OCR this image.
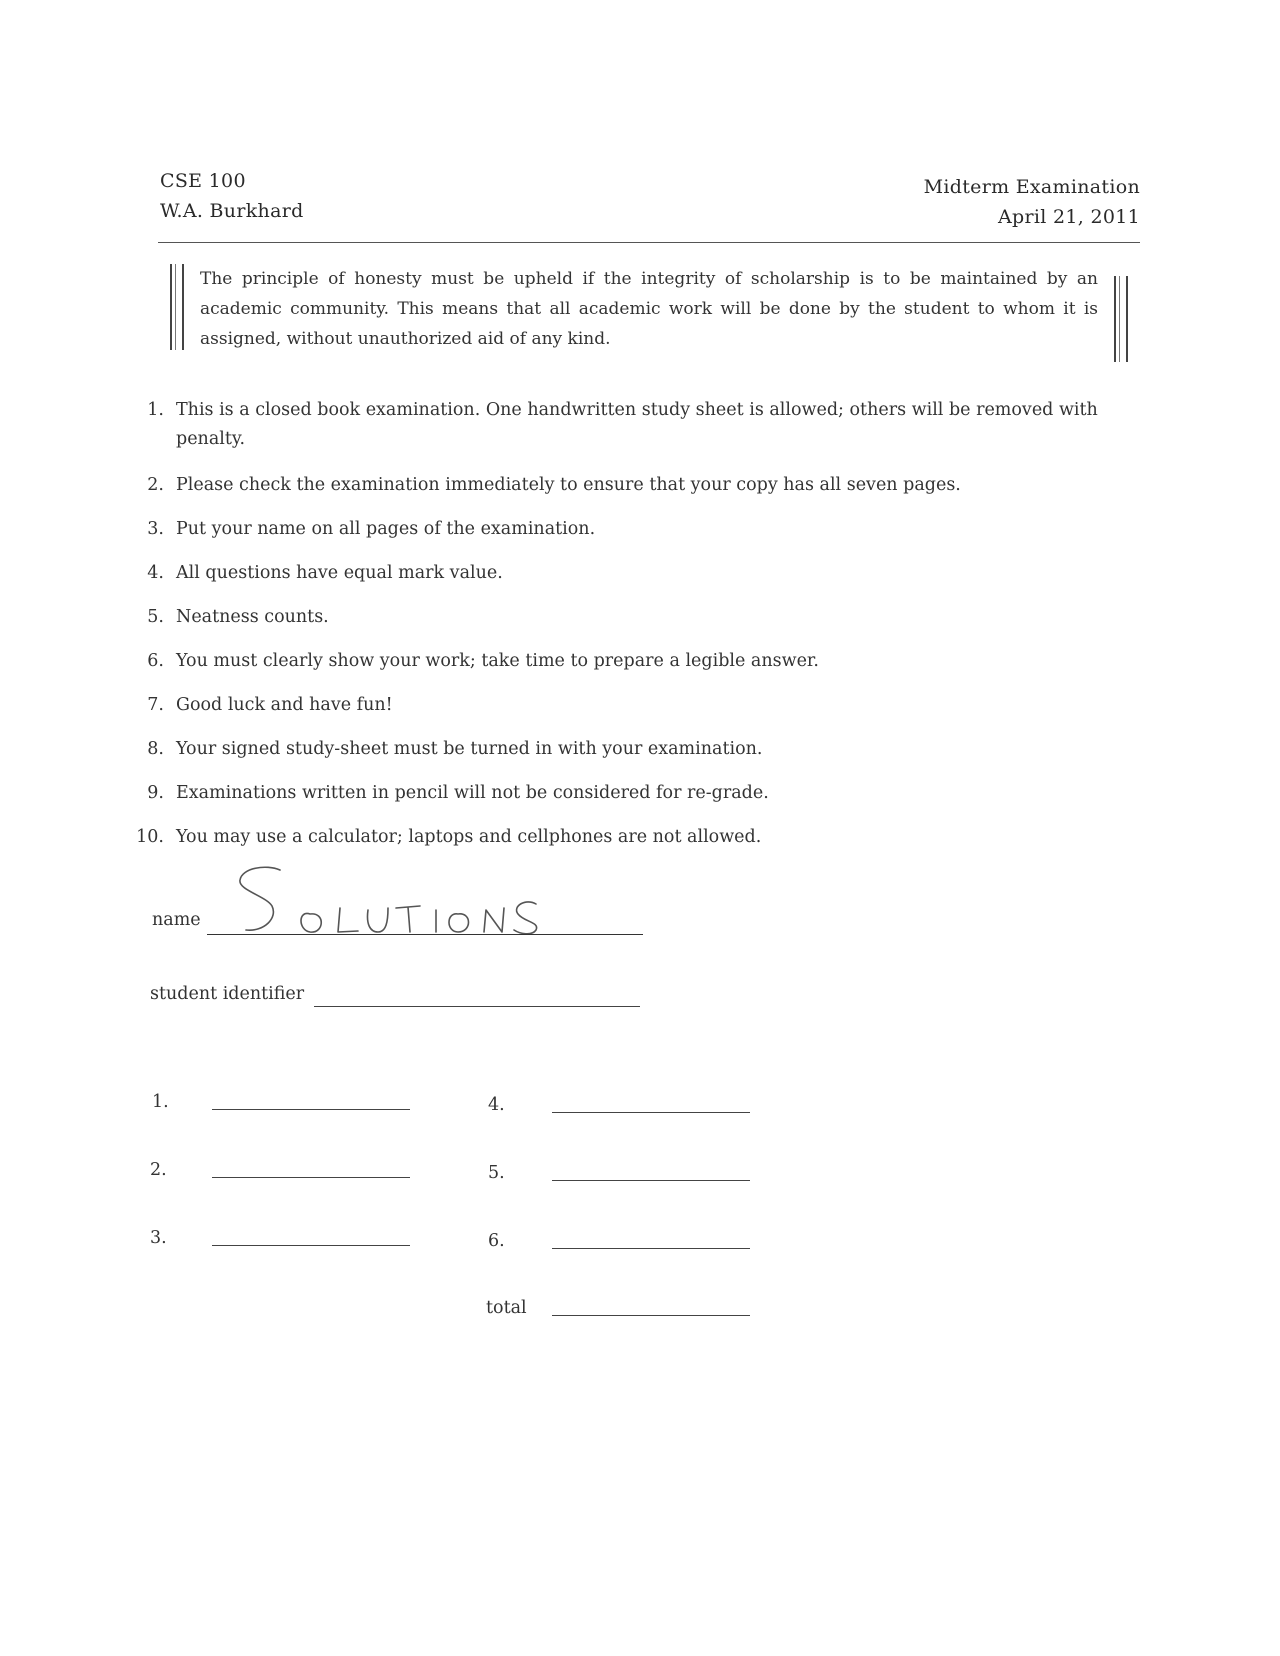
CSE 100
W.A. Burkhard
Midterm Examination
April 21, 2011
The principle of honesty must be upheld if the integrity of scholarship is to be maintained by an academic community. This means that all academic work will be done by the student to whom it is assigned, without unauthorized aid of any kind.
1. This is a closed book examination. One handwritten study sheet is allowed; others will be removed with penalty.
2. Please check the examination immediately to ensure that your copy has all seven pages.
3. Put your name on all pages of the examination.
4. All questions have equal mark value.
5. Neatness counts.
6. You must clearly show your work; take time to prepare a legible answer.
7. Good luck and have fun!
8. Your signed study-sheet must be turned in with your examination.
9. Examinations written in pencil will not be considered for re-grade.
10. You may use a calculator; laptops and cellphones are not allowed.
name
student identifier
1.	4.
2.	5.
3.	6.
total
